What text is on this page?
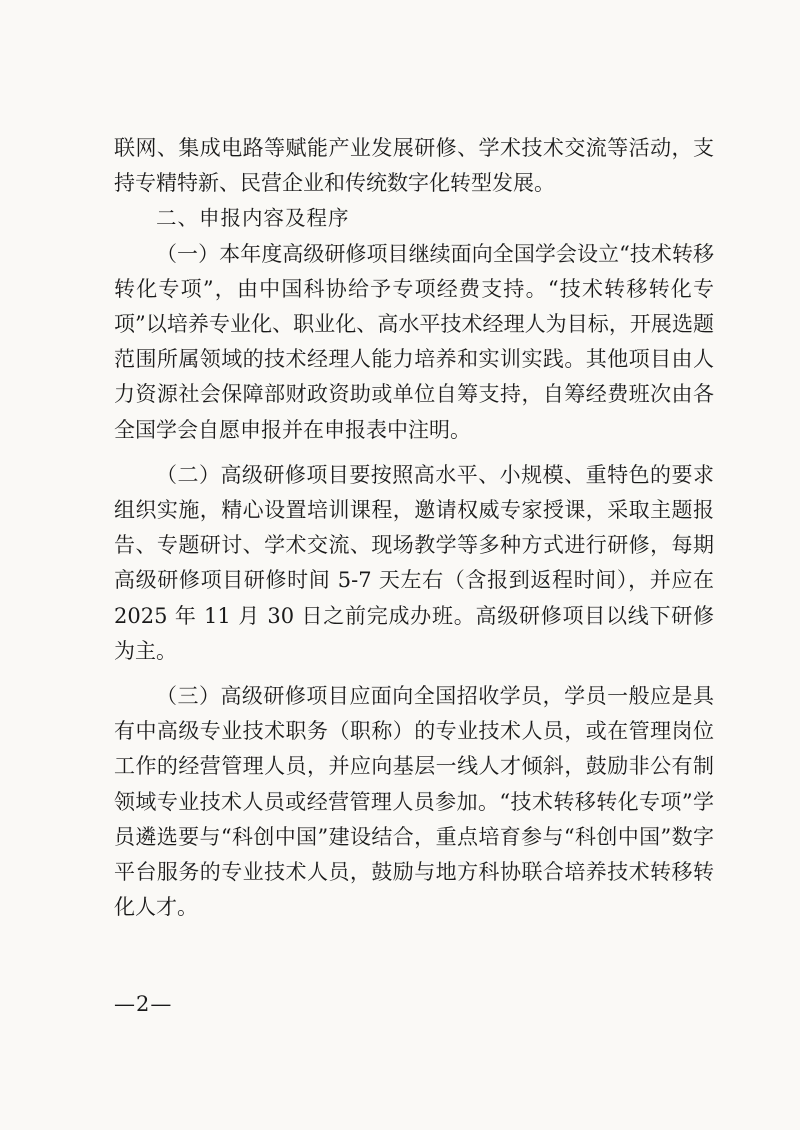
联网、集成电路等赋能产业发展研修、学术技术交流等活动，支持专精特新、民营企业和传统数字化转型发展。

二、申报内容及程序

（一）本年度高级研修项目继续面向全国学会设立“技术转移转化专项”，由中国科协给予专项经费支持。“技术转移转化专项”以培养专业化、职业化、高水平技术经理人为目标，开展选题范围所属领域的技术经理人能力培养和实训实践。其他项目由人力资源社会保障部财政资助或单位自筹支持，自筹经费班次由各全国学会自愿申报并在申报表中注明。

（二）高级研修项目要按照高水平、小规模、重特色的要求组织实施，精心设置培训课程，邀请权威专家授课，采取主题报告、专题研讨、学术交流、现场教学等多种方式进行研修，每期高级研修项目研修时间 5-7 天左右（含报到返程时间），并应在 2025 年 11 月 30 日之前完成办班。高级研修项目以线下研修为主。

（三）高级研修项目应面向全国招收学员，学员一般应是具有中高级专业技术职务（职称）的专业技术人员，或在管理岗位工作的经营管理人员，并应向基层一线人才倾斜，鼓励非公有制领域专业技术人员或经营管理人员参加。“技术转移转化专项”学员遴选要与“科创中国”建设结合，重点培育参与“科创中国”数字平台服务的专业技术人员，鼓励与地方科协联合培养技术转移转化人才。

—2—
